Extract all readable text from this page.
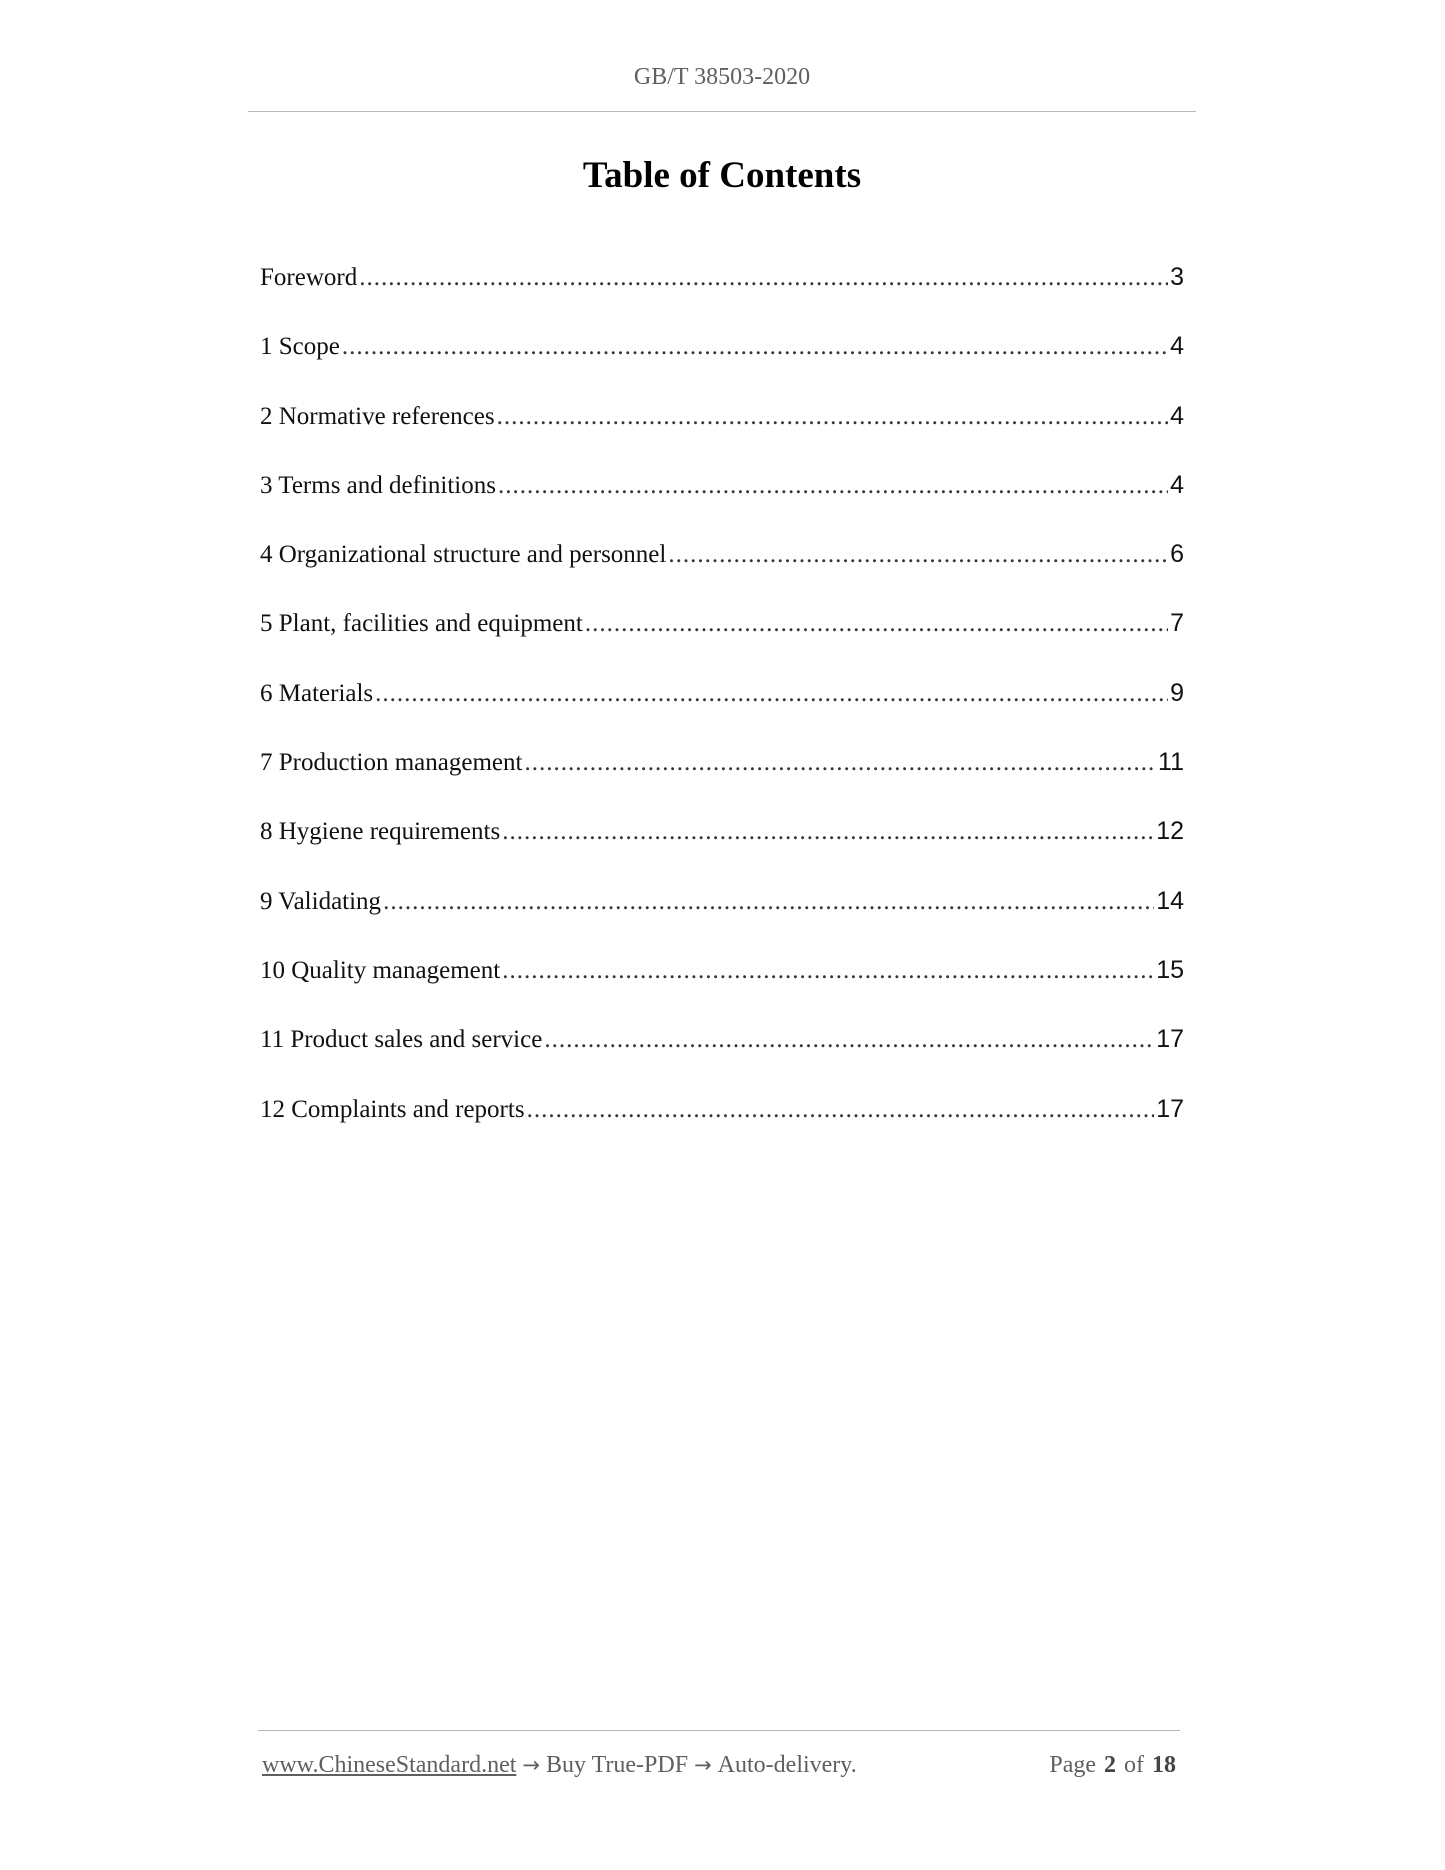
GB/T 38503-2020
Table of Contents
Foreword .....	3
1 Scope .....	4
2 Normative references .....	4
3 Terms and definitions .....	4
4 Organizational structure and personnel .....	6
5 Plant, facilities and equipment .....	7
6 Materials .....	9
7 Production management .....	11
8 Hygiene requirements .....	12
9 Validating .....	14
10 Quality management .....	15
11 Product sales and service .....	17
12 Complaints and reports .....	17
www.ChineseStandard.net → Buy True-PDF → Auto-delivery.	Page 2 of 18
